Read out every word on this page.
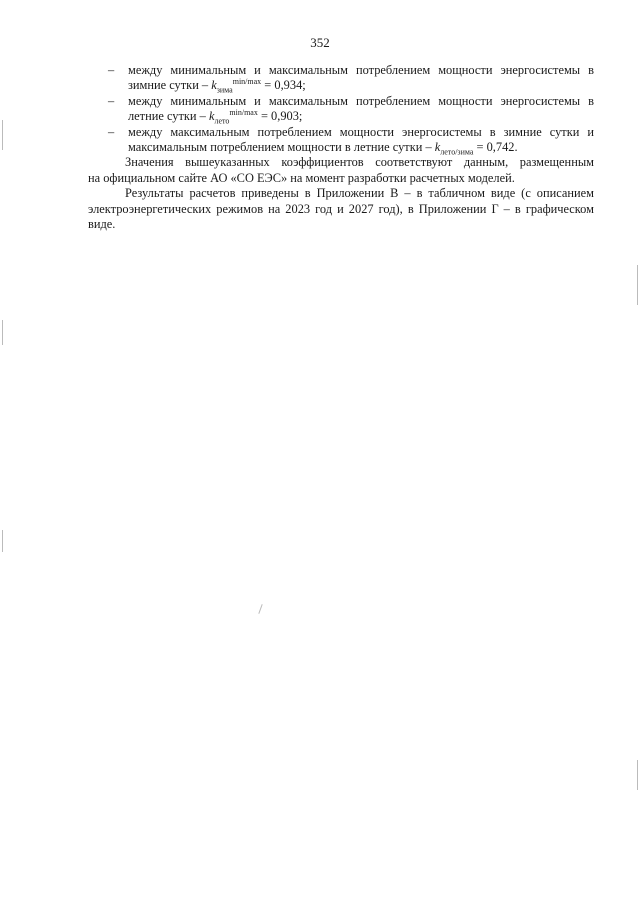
352
– между минимальным и максимальным потреблением мощности энергосистемы в
зимние сутки – $k_{зима}^{min/max} = 0,934$;
– между минимальным и максимальным потреблением мощности энергосистемы в
летние сутки – $k_{лето}^{min/max} = 0,903$;
– между максимальным потреблением мощности энергосистемы в зимние сутки и
максимальным потреблением мощности в летние сутки – $k_{лето/зима} = 0,742$.
Значения вышеуказанных коэффициентов соответствуют данным, размещенным
на официальном сайте АО «СО ЕЭС» на момент разработки расчетных моделей.
Результаты расчетов приведены в Приложении В – в табличном виде (с описанием
электроэнергетических режимов на 2023 год и 2027 год), в Приложении Г – в графическом
виде.
